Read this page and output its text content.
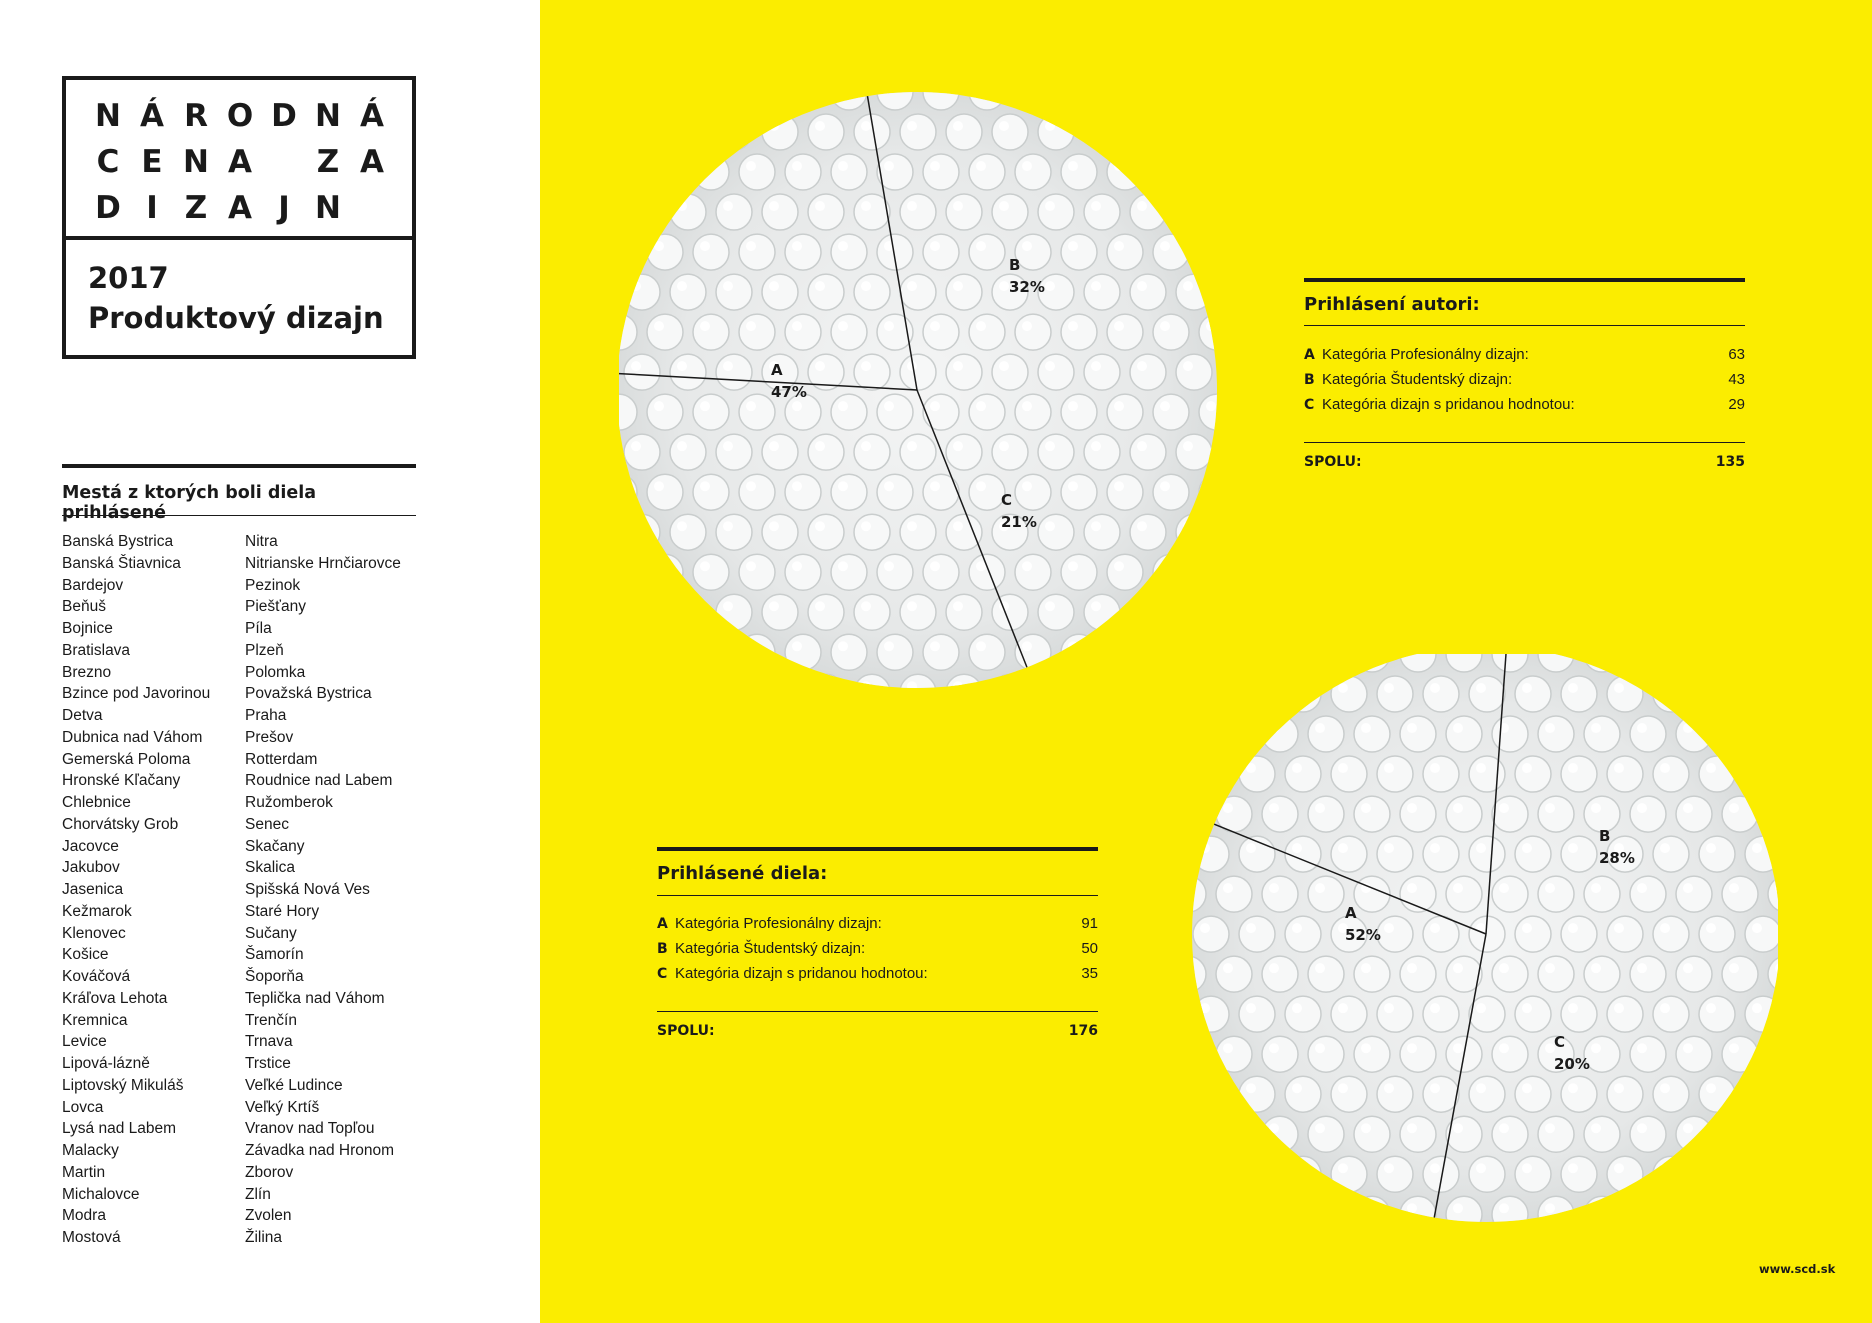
N Á R O D N Á
C E N A Z A
D I Z A J N
2017
Produktový dizajn
Mestá z ktorých boli diela prihlásené
Banská Bystrica
Banská Štiavnica
Bardejov
Beňuš
Bojnice
Bratislava
Brezno
Bzince pod Javorinou
Detva
Dubnica nad Váhom
Gemerská Poloma
Hronské Kľačany
Chlebnice
Chorvátsky Grob
Jacovce
Jakubov
Jasenica
Kežmarok
Klenovec
Košice
Kováčová
Kráľova Lehota
Kremnica
Levice
Lipová-lázně
Liptovský Mikuláš
Lovca
Lysá nad Labem
Malacky
Martin
Michalovce
Modra
Mostová
Nitra
Nitrianske Hrnčiarovce
Pezinok
Piešťany
Píla
Plzeň
Polomka
Považská Bystrica
Praha
Prešov
Rotterdam
Roudnice nad Labem
Ružomberok
Senec
Skačany
Skalica
Spišská Nová Ves
Staré Hory
Sučany
Šamorín
Šoporňa
Teplička nad Váhom
Trenčín
Trnava
Trstice
Veľké Ludince
Veľký Krtíš
Vranov nad Topľou
Závadka nad Hronom
Zborov
Zlín
Zvolen
Žilina
B
32%
A
47%
C
21%
B
28%
A
52%
C
20%
Prihlásení autori:
A Kategória Profesionálny dizajn:	63
B Kategória Študentský dizajn:	43
C Kategória dizajn s pridanou hodnotou:	29
SPOLU:	135
Prihlásené diela:
A Kategória Profesionálny dizajn:	91
B Kategória Študentský dizajn:	50
C Kategória dizajn s pridanou hodnotou:	35
SPOLU:	176
www.scd.sk
